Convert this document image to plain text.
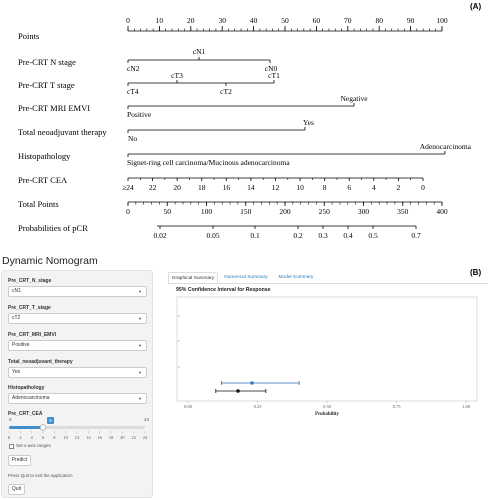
(A)
Points
Pre-CRT N stage
Pre-CRT T stage
Pre-CRT MRI EMVI
Total neoadjuvant therapy
Histopathology
Pre-CRT CEA
Total Points
Probabilities of pCR
0	10	20	30	40	50	60	70	80	90	100
cN1
cN2	cN0
cT3	cT1
cT4	cT2
Negative
Positive
Yes
No
Adenocarcinoma
Signet-ring cell carcinoma/Mucinous adenocarcinoma
≥24 22 20 18 16 14 12 10	8	6	4	2	0
0	50	100	150	200	250	300	350	400
0.02	0.05	0.1	0.2 0.3 0.4 0.5	0.7
(B)
Dynamic Nomogram
Pre_CRT_N_stage
cN1	▼
Pre_CRT_T_stage
cT2	▼
Pre_CRT_MRI_EMVI
Positive	▼
Total_neoadjuvant_therapy
Yes	▼
Histopathology
Adenocarcinoma	▼
Pre_CRT_CEA
0	24
6
0 2 4 6 8 10 12 14 16 18 20 22 24
Set x-axis ranges
Predict
Press Quit to exit the application
Quit
Graphical Summary	Numerical Summary	Model Summary
95% Confidence Interval for Response
0.00	0.25	0.50	0.75	1.00
Probability
